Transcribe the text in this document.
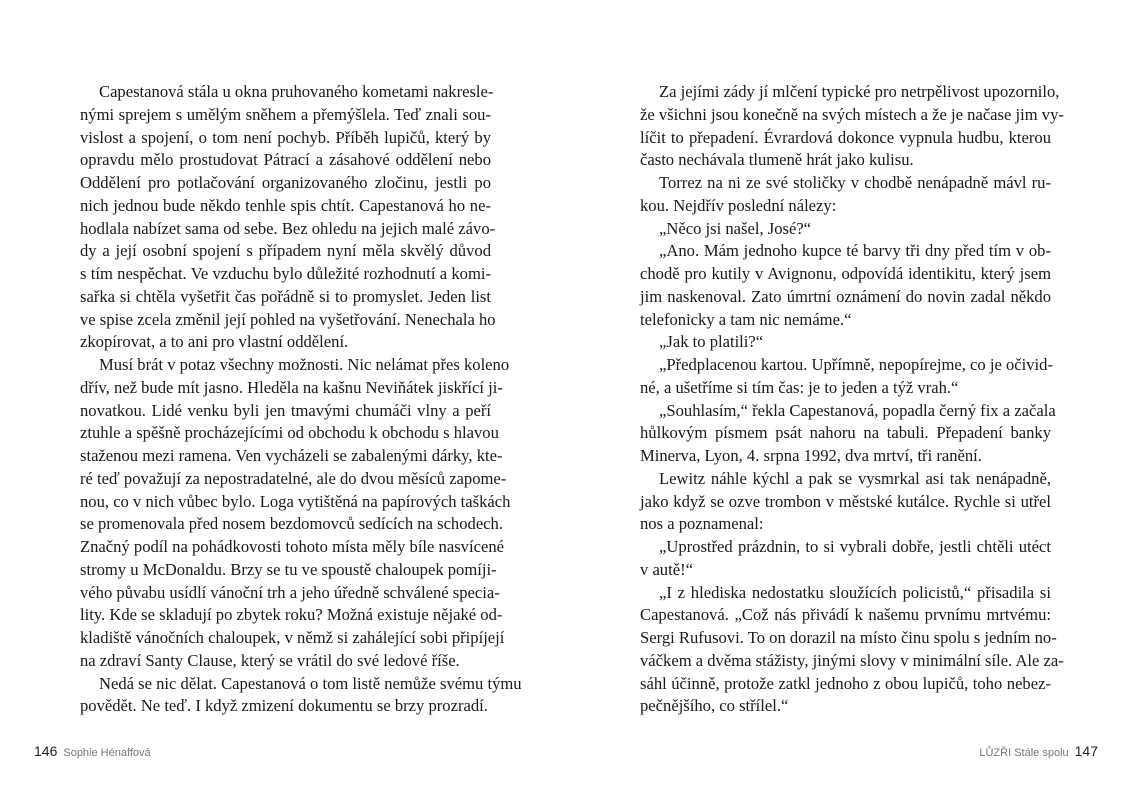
Capestanová stála u okna pruhovaného kometami nakresle-
nými sprejem s umělým sněhem a přemýšlela. Teď znali sou-
vislost a spojení, o tom není pochyb. Příběh lupičů, který by
opravdu mělo prostudovat Pátrací a zásahové oddělení nebo
Oddělení pro potlačování organizovaného zločinu, jestli po
nich jednou bude někdo tenhle spis chtít. Capestanová ho ne-
hodlala nabízet sama od sebe. Bez ohledu na jejich malé závo-
dy a její osobní spojení s případem nyní měla skvělý důvod
s tím nespěchat. Ve vzduchu bylo důležité rozhodnutí a komi-
sařka si chtěla vyšetřit čas pořádně si to promyslet. Jeden list
ve spise zcela změnil její pohled na vyšetřování. Nenechala ho
zkopírovat, a to ani pro vlastní oddělení.
Musí brát v potaz všechny možnosti. Nic nelámat přes koleno
dřív, než bude mít jasno. Hleděla na kašnu Neviňátek jiskřící ji-
novatkou. Lidé venku byli jen tmavými chumáči vlny a peří
ztuhle a spěšně procházejícími od obchodu k obchodu s hlavou
staženou mezi ramena. Ven vycházeli se zabalenými dárky, kte-
ré teď považují za nepostradatelné, ale do dvou měsíců zapome-
nou, co v nich vůbec bylo. Loga vytištěná na papírových taškách
se promenovala před nosem bezdomovců sedících na schodech.
Značný podíl na pohádkovosti tohoto místa měly bíle nasvícené
stromy u McDonaldu. Brzy se tu ve spoustě chaloupek pomíji-
vého půvabu usídlí vánoční trh a jeho úředně schválené specia-
lity. Kde se skladují po zbytek roku? Možná existuje nějaké od-
kladiště vánočních chaloupek, v němž si zahálející sobi připíjejí
na zdraví Santy Clause, který se vrátil do své ledové říše.
Nedá se nic dělat. Capestanová o tom listě nemůže svému týmu
povědět. Ne teď. I když zmizení dokumentu se brzy prozradí.
Za jejími zády jí mlčení typické pro netrpělivost upozornilo,
že všichni jsou konečně na svých místech a že je načase jim vy-
líčit to přepadení. Évrardová dokonce vypnula hudbu, kterou
často nechávala tlumeně hrát jako kulisu.
Torrez na ni ze své stoličky v chodbě nenápadně mávl ru-
kou. Nejdřív poslední nálezy:
„Něco jsi našel, José?“
„Ano. Mám jednoho kupce té barvy tři dny před tím v ob-
chodě pro kutily v Avignonu, odpovídá identikitu, který jsem
jim naskenoval. Zato úmrtní oznámení do novin zadal někdo
telefonicky a tam nic nemáme.“
„Jak to platili?“
„Předplacenou kartou. Upřímně, nepopírejme, co je očivid-
né, a ušetříme si tím čas: je to jeden a týž vrah.“
„Souhlasím,“ řekla Capestanová, popadla černý fix a začala
hůlkovým písmem psát nahoru na tabuli. Přepadení banky
Minerva, Lyon, 4. srpna 1992, dva mrtví, tři ranění.
Lewitz náhle kýchl a pak se vysmrkal asi tak nenápadně,
jako když se ozve trombon v městské kutálce. Rychle si utřel
nos a poznamenal:
„Uprostřed prázdnin, to si vybrali dobře, jestli chtěli utéct
v autě!“
„I z hlediska nedostatku sloužících policistů,“ přisadila si
Capestanová. „Což nás přivádí k našemu prvnímu mrtvému:
Sergi Rufusovi. To on dorazil na místo činu spolu s jedním no-
váčkem a dvěma stážisty, jinými slovy v minimální síle. Ale za-
sáhl účinně, protože zatkl jednoho z obou lupičů, toho nebez-
pečnějšího, co střílel.“
146 Sophie Hénaffová	LŮZŘI Stále spolu 147
